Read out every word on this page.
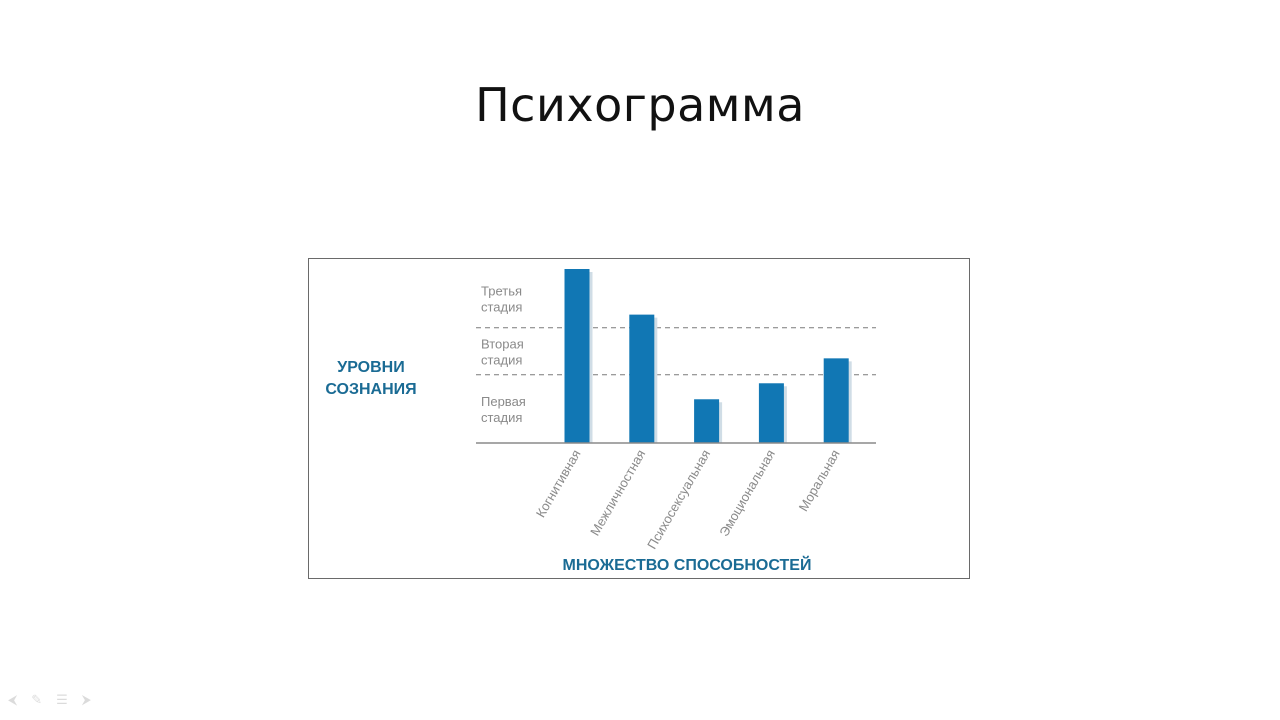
Психограмма
Первая
стадия
Вторая
стадия
Третья
стадия
Когнитивная Межличностная
Психосексуальная Эмоциональная Моральная
УРОВНИ
СОЗНАНИЯ
МНОЖЕСТВО СПОСОБНОСТЕЙ
⮜ ✎ ☰ ⮞
